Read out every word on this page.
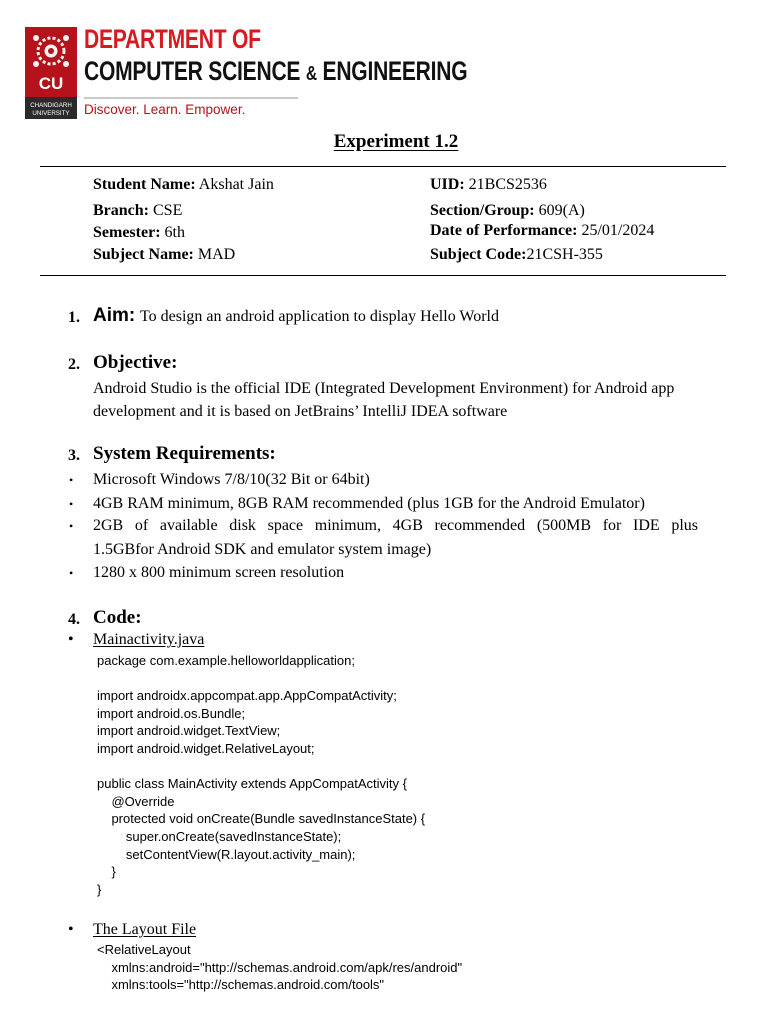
CU
CHANDIGARH
UNIVERSITY
DEPARTMENT OF
COMPUTER SCIENCE & ENGINEERING
Discover. Learn. Empower.
Experiment 1.2
Student Name: Akshat Jain	UID: 21BCS2536
Branch: CSE	Section/Group: 609(A)
Semester: 6th	Date of Performance: 25/01/2024
Subject Name: MAD	Subject Code:21CSH-355
1. Aim: To design an android application to display Hello World
2. Objective:
Android Studio is the official IDE (Integrated Development Environment) for Android app
development and it is based on JetBrains’ IntelliJ IDEA software
3. System Requirements:
• Microsoft Windows 7/8/10(32 Bit or 64bit)
• 4GB RAM minimum, 8GB RAM recommended (plus 1GB for the Android Emulator)
• 2GB of available disk space minimum, 4GB recommended (500MB for IDE plus
1.5GBfor Android SDK and emulator system image)
• 1280 x 800 minimum screen resolution
4. Code:
• Mainactivity.java
package com.example.helloworldapplication;

import androidx.appcompat.app.AppCompatActivity;
import android.os.Bundle;
import android.widget.TextView;
import android.widget.RelativeLayout;

public class MainActivity extends AppCompatActivity {
@Override
protected void onCreate(Bundle savedInstanceState) {
super.onCreate(savedInstanceState);
setContentView(R.layout.activity_main);
}
}
• The Layout File
<RelativeLayout
xmlns:android="http://schemas.android.com/apk/res/android"
xmlns:tools="http://schemas.android.com/tools"
